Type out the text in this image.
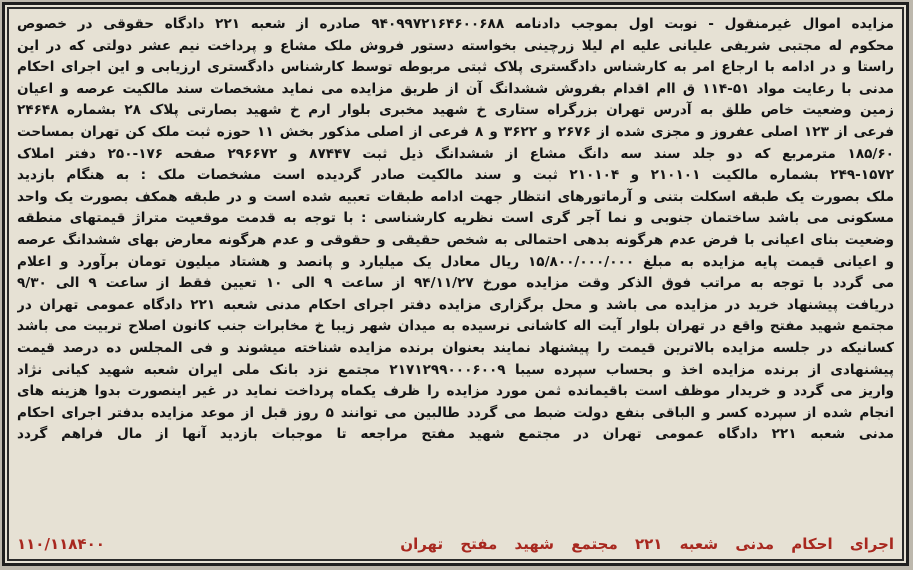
مزایده اموال غیرمنقول - نوبت اول بموجب دادنامه ۹۴۰۹۹۷۲۱۶۴۶۰۰۶۸۸ صادره از شعبه ۲۲۱ دادگاه حقوقی در خصوص
محکوم له مجتبی شریفی علیانی علیه ام لیلا زرچینی بخواسته دستور فروش ملک مشاع و پرداخت نیم عشر دولتی که در این
راستا و در ادامه با ارجاع امر به کارشناس دادگستری پلاک ثبتی مربوطه توسط کارشناس دادگستری ارزیابی و این اجرای احکام
مدنی با رعایت مواد ۵۱-۱۱۴ ق اام اقدام بفروش ششدانگ آن از طریق مزایده می نماید مشخصات سند مالکیت عرصه و اعیان
زمین وضعیت خاص طلق به آدرس تهران بزرگراه ستاری خ شهید مخبری بلوار ارم خ شهید بصارتی پلاک ۲۸ بشماره ۲۴۶۴۸
فرعی از ۱۲۳ اصلی عفروز و مجزی شده از ۲۶۷۶ و ۳۶۲۲ و ۸ فرعی از اصلی مذکور بخش ۱۱ حوزه ثبت ملک کن تهران بمساحت
۱۸۵/۶۰ مترمربع که دو جلد سند سه دانگ مشاع از ششدانگ ذیل ثبت ۸۷۴۴۷ و ۲۹۶۶۷۲ صفحه ۱۷۶-۲۵۰ دفتر املاک
۲۴۹-۱۵۷۲ بشماره مالکیت ۲۱۰۱۰۱ و ۲۱۰۱۰۴ ثبت و سند مالکیت صادر گردیده است مشخصات ملک : به هنگام بازدید
ملک بصورت یک طبقه اسکلت بتنی و آرماتورهای انتظار جهت ادامه طبقات تعبیه شده است و در طبقه همکف بصورت یک واحد
مسکونی می باشد ساختمان جنوبی و نما آجر گری است نظریه کارشناسی : با توجه به قدمت موقعیت متراژ قیمتهای منطقه
وضعیت بنای اعیانی با فرض عدم هرگونه بدهی احتمالی به شخص حقیقی و حقوقی و عدم هرگونه معارض بهای ششدانگ عرصه
و اعیانی قیمت پایه مزایده به مبلغ ۱۵/۸۰۰/۰۰۰/۰۰۰ ریال معادل یک میلیارد و پانصد و هشتاد میلیون تومان برآورد و اعلام
می گردد با توجه به مراتب فوق الذکر وقت مزایده مورخ ۹۴/۱۱/۲۷ از ساعت ۹ الی ۱۰ تعیین فقط از ساعت ۹ الی ۹/۳۰
دریافت پیشنهاد خرید در مزایده می باشد و محل برگزاری مزایده دفتر اجرای احکام مدنی شعبه ۲۲۱ دادگاه عمومی تهران در
مجتمع شهید مفتح واقع در تهران بلوار آیت اله کاشانی نرسیده به میدان شهر زیبا خ مخابرات جنب کانون اصلاح تربیت می باشد
کسانیکه در جلسه مزایده بالاترین قیمت را پیشنهاد نمایند بعنوان برنده مزایده شناخته میشوند و فی المجلس ده درصد قیمت
پیشنهادی از برنده مزایده اخذ و بحساب سپرده سیبا ۲۱۷۱۲۹۹۰۰۰۶۰۰۹ مجتمع نزد بانک ملی ایران شعبه شهید کیانی نژاد
واریز می گردد و خریدار موظف است باقیمانده ثمن مورد مزایده را ظرف یکماه پرداخت نماید در غیر اینصورت بدوا هزینه های
انجام شده از سپرده کسر و الباقی بنفع دولت ضبط می گردد طالبین می توانند ۵ روز قبل از موعد مزایده بدفتر اجرای احکام
مدنی شعبه ۲۲۱ دادگاه عمومی تهران در مجتمع شهید مفتح مراجعه تا موجبات بازدید آنها از مال فراهم گردد
اجرای احکام مدنی شعبه ۲۲۱ مجتمع شهید مفتح تهران
۱۱۰/۱۱۸۴۰۰
